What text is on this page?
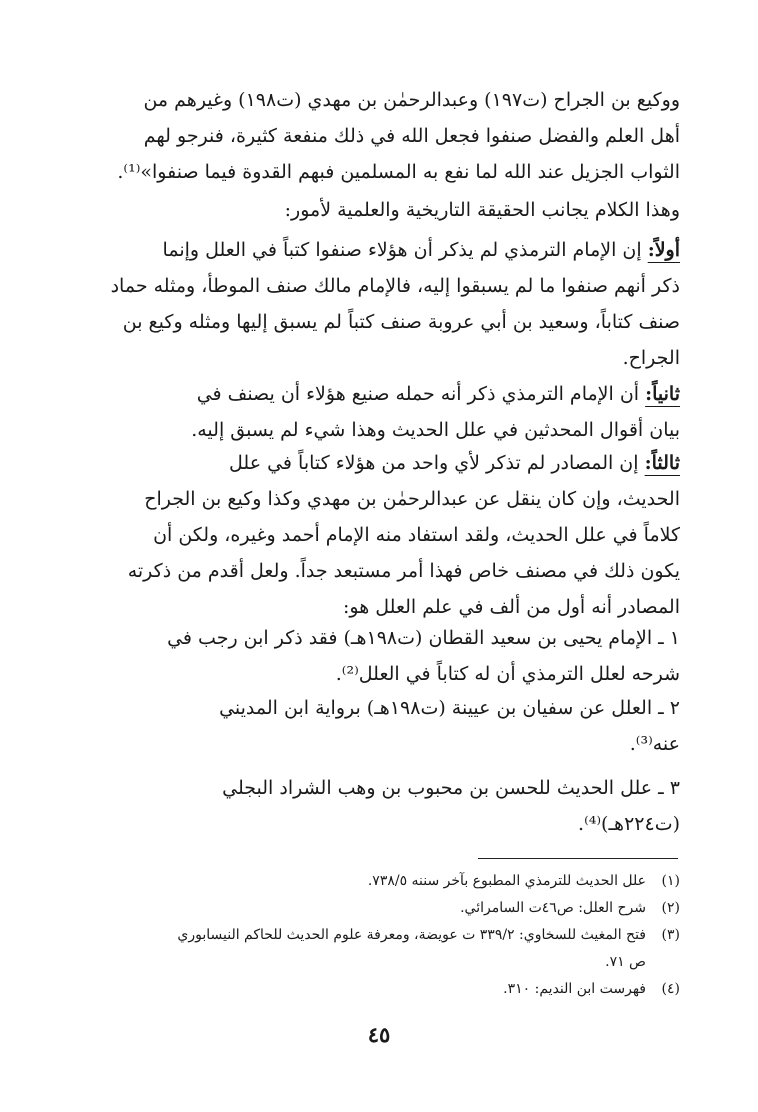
ووكيع بن الجراح (ت١٩٧) وعبدالرحمٰن بن مهدي (ت١٩٨) وغيرهم من
أهل العلم والفضل صنفوا فجعل الله في ذلك منفعة كثيرة، فنرجو لهم
الثواب الجزيل عند الله لما نفع به المسلمين فبهم القدوة فيما صنفوا»⁽¹⁾.
وهذا الكلام يجانب الحقيقة التاريخية والعلمية لأمور:
أولاً: إن الإمام الترمذي لم يذكر أن هؤلاء صنفوا كتباً في العلل وإنما
ذكر أنهم صنفوا ما لم يسبقوا إليه، فالإمام مالك صنف الموطأ، ومثله حماد
صنف كتاباً، وسعيد بن أبي عروبة صنف كتباً لم يسبق إليها ومثله وكيع بن
الجراح.
ثانياً: أن الإمام الترمذي ذكر أنه حمله صنيع هؤلاء أن يصنف في
بيان أقوال المحدثين في علل الحديث وهذا شيء لم يسبق إليه.
ثالثاً: إن المصادر لم تذكر لأي واحد من هؤلاء كتاباً في علل
الحديث، وإن كان ينقل عن عبدالرحمٰن بن مهدي وكذا وكيع بن الجراح
كلاماً في علل الحديث، ولقد استفاد منه الإمام أحمد وغيره، ولكن أن
يكون ذلك في مصنف خاص فهذا أمر مستبعد جداً. ولعل أقدم من ذكرته
المصادر أنه أول من ألف في علم العلل هو:
١ ـ الإمام يحيى بن سعيد القطان (ت١٩٨هـ) فقد ذكر ابن رجب في
شرحه لعلل الترمذي أن له كتاباً في العلل⁽²⁾.
٢ ـ العلل عن سفيان بن عيينة (ت١٩٨هـ) برواية ابن المديني
عنه⁽³⁾.
٣ ـ علل الحديث للحسن بن محبوب بن وهب الشراد البجلي
(ت٢٢٤هـ)⁽⁴⁾.
(١)علل الحديث للترمذي المطبوع بآخر سننه ٧٣٨/٥.
(٢)شرح العلل: ص٤٦ت السامرائي.
(٣)فتح المغيث للسخاوي: ٣٣٩/٢ ت عويضة، ومعرفة علوم الحديث للحاكم النيسابوري
ص ٧١.
(٤)فهرست ابن النديم: ٣١٠.
٤٥
